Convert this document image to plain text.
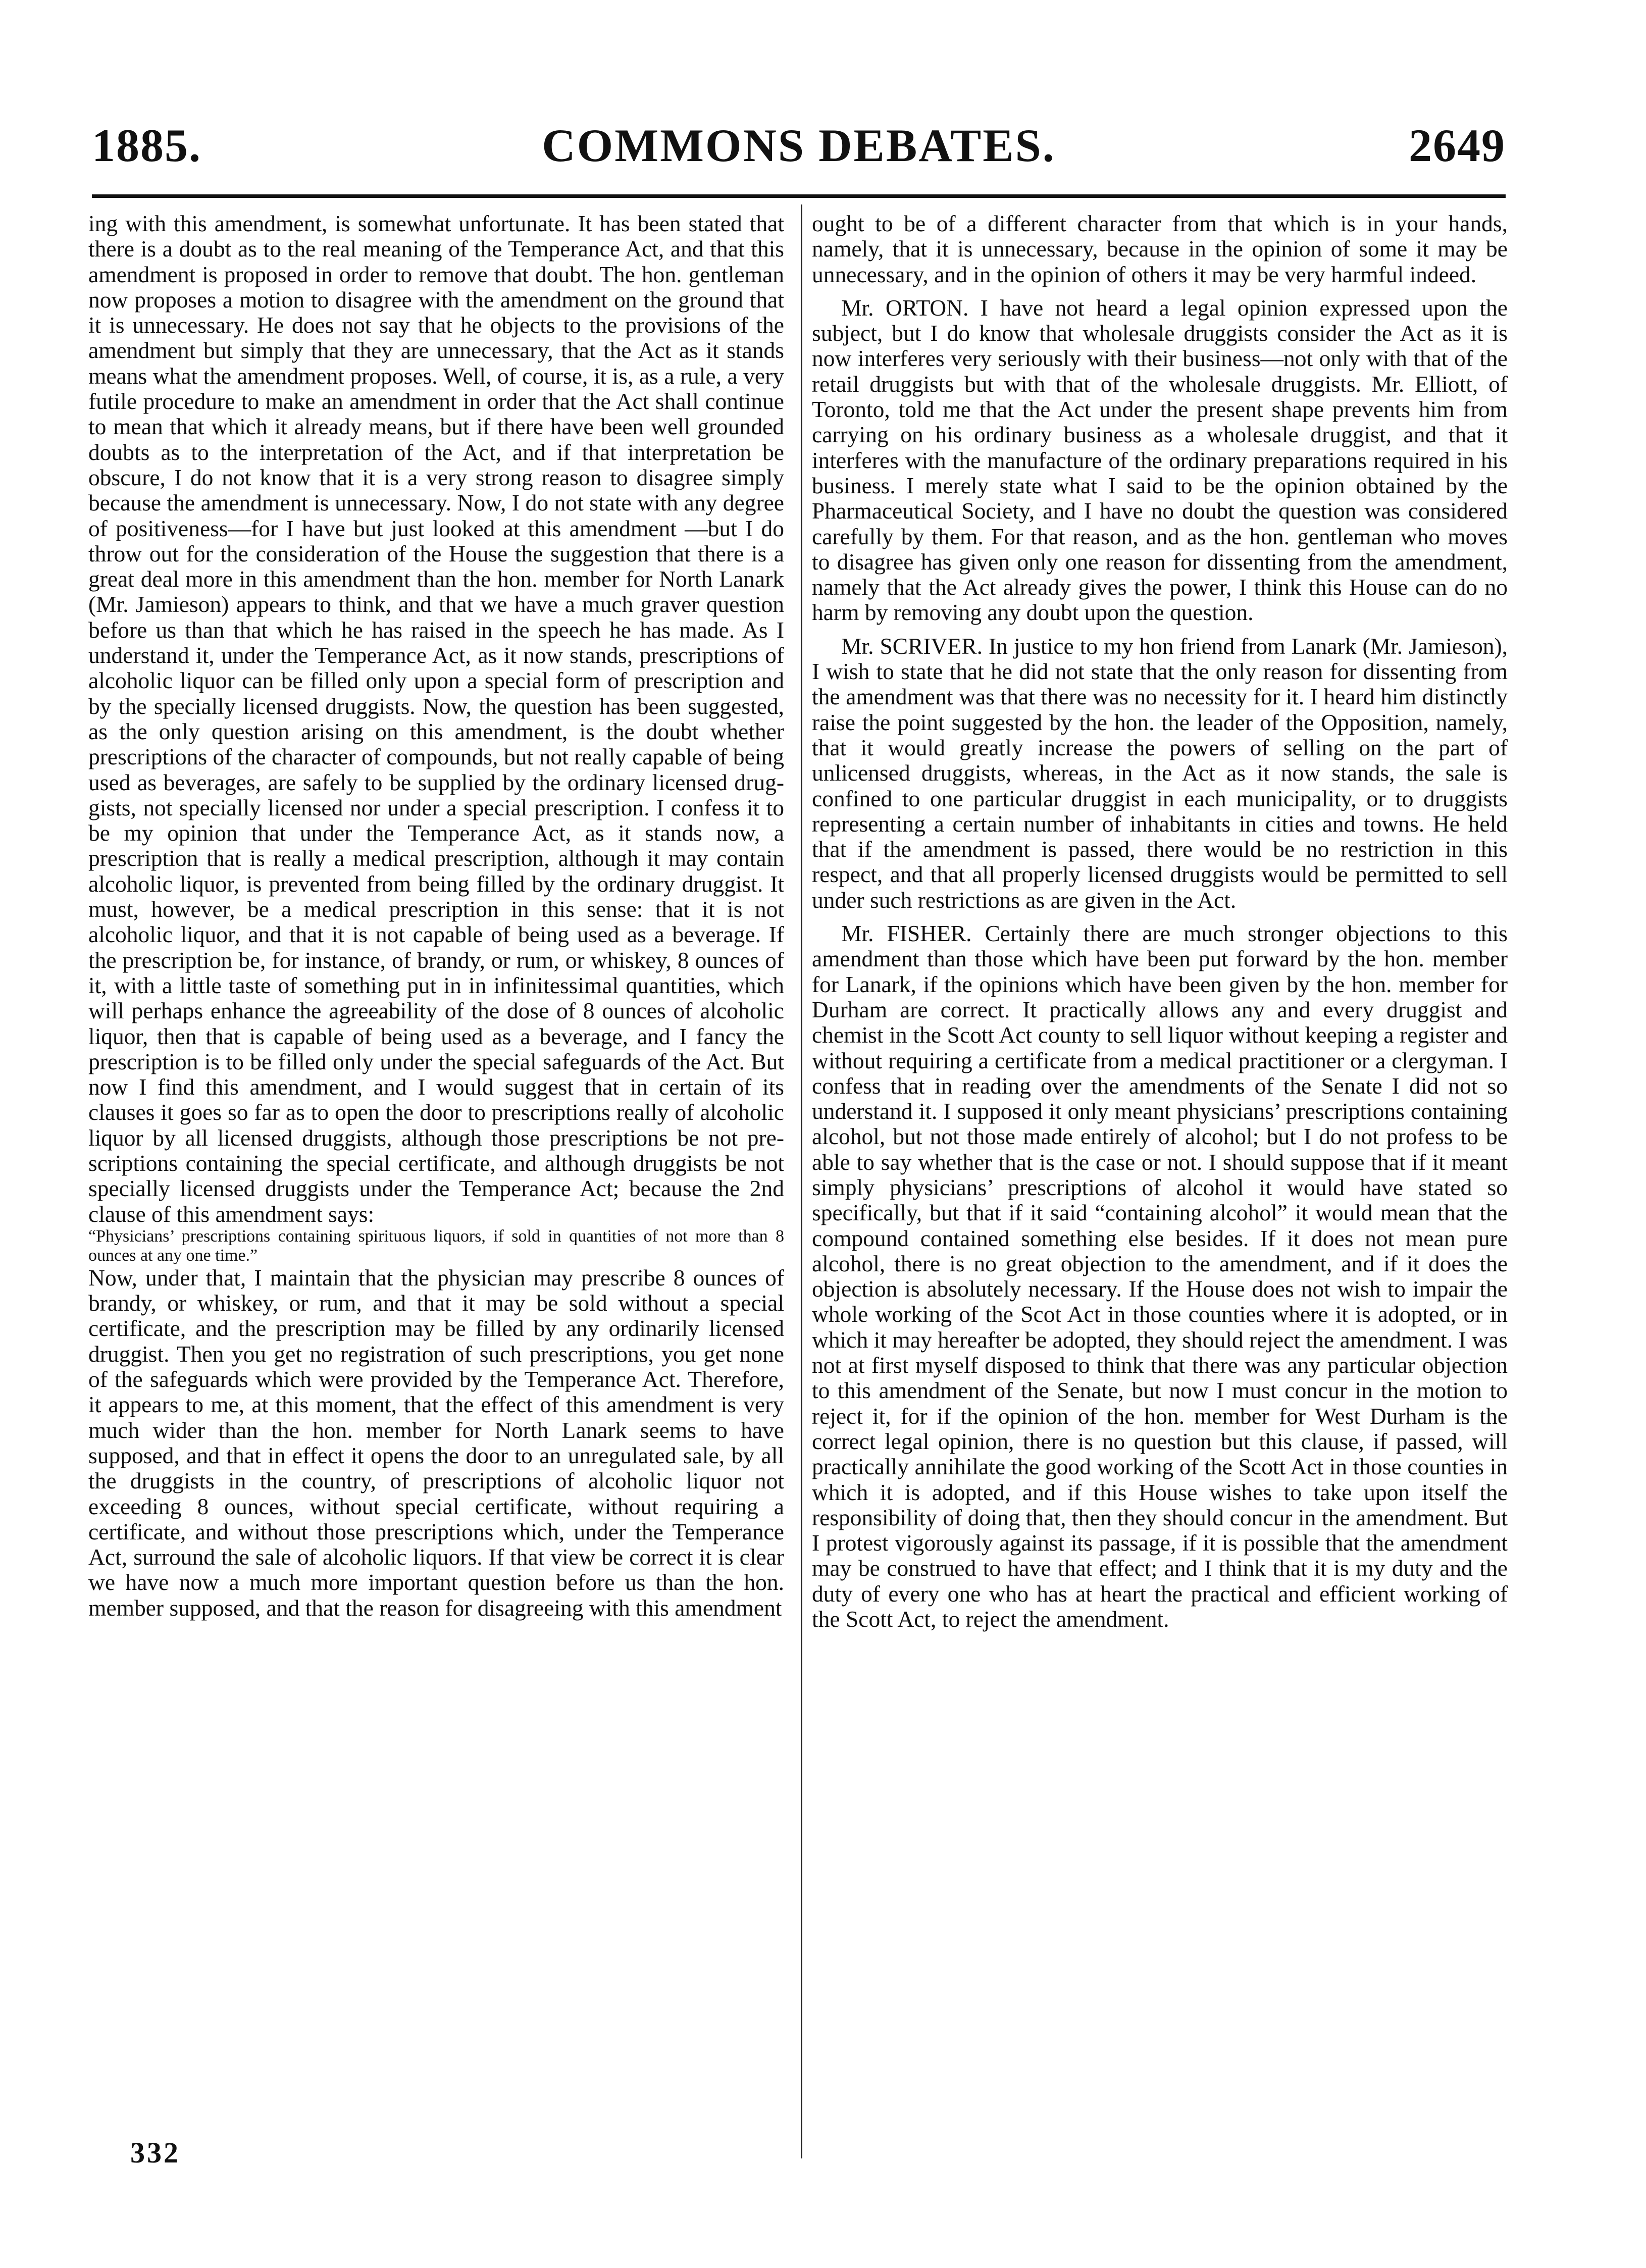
1885.	COMMONS DEBATES.	2649

ing with this amendment, is somewhat unfortunate. It has been stated that there is a doubt as to the real meaning of the Temperance Act, and that this amendment is proposed in order to remove that doubt. The hon. gentleman now proposes a motion to disagree with the amendment on the ground that it is unnecessary. He does not say that he objects to the provisions of the amendment but simply that they are unnecessary, that the Act as it stands means what the amendment proposes. Well, of course, it is, as a rule, a very futile procedure to make an amendment in order that the Act shall continue to mean that which it already means, but if there have been well grounded doubts as to the interpretation of the Act, and if that interpretation be obscure, I do not know that it is a very strong reason to disagree simply because the amendment is unnecessary. Now, I do not state with any degree of positiveness—for I have but just looked at this amendment —but I do throw out for the consideration of the House the suggestion that there is a great deal more in this amendment than the hon. member for North Lanark (Mr. Jamieson) appears to think, and that we have a much graver question before us than that which he has raised in the speech he has made. As I understand it, under the Temperance Act, as it now stands, prescriptions of alcoholic liquor can be filled only upon a special form of prescription and by the specially licensed druggists. Now, the question has been suggested, as the only question arising on this amendment, is the doubt whether prescriptions of the character of compounds, but not really capable of being used as beverages, are safely to be supplied by the ordinary licensed druggists, not specially licensed nor under a special prescription. I confess it to be my opinion that under the Temperance Act, as it stands now, a prescription that is really a medical prescription, although it may contain alcoholic liquor, is prevented from being filled by the ordinary druggist. It must, however, be a medical prescription in this sense: that it is not alcoholic liquor, and that it is not capable of being used as a beverage. If the prescription be, for instance, of brandy, or rum, or whiskey, 8 ounces of it, with a little taste of something put in in infinitessimal quantities, which will perhaps enhance the agreeability of the dose of 8 ounces of alcoholic liquor, then that is capable of being used as a beverage, and I fancy the prescription is to be filled only under the special safeguards of the Act. But now I find this amendment, and I would suggest that in certain of its clauses it goes so far as to open the door to prescriptions really of alcoholic liquor by all licensed druggists, although those prescriptions be not prescriptions containing the special certificate, and although druggists be not specially licensed druggists under the Temperance Act; because the 2nd clause of this amendment says:

“Physicians’ prescriptions containing spirituous liquors, if sold in quantities of not more than 8 ounces at any one time.”

Now, under that, I maintain that the physician may prescribe 8 ounces of brandy, or whiskey, or rum, and that it may be sold without a special certificate, and the prescription may be filled by any ordinarily licensed druggist. Then you get no registration of such prescriptions, you get none of the safeguards which were provided by the Temperance Act. Therefore, it appears to me, at this moment, that the effect of this amendment is very much wider than the hon. member for North Lanark seems to have supposed, and that in effect it opens the door to an unregulated sale, by all the druggists in the country, of prescriptions of alcoholic liquor not exceeding 8 ounces, without special certificate, without requiring a certificate, and without those prescriptions which, under the Temperance Act, surround the sale of alcoholic liquors. If that view be correct it is clear we have now a much more important question before us than the hon. member supposed, and that the reason for disagreeing with this amendment

ought to be of a different character from that which is in your hands, namely, that it is unnecessary, because in the opinion of some it may be unnecessary, and in the opinion of others it may be very harmful indeed.

Mr. ORTON. I have not heard a legal opinion expressed upon the subject, but I do know that wholesale druggists consider the Act as it is now interferes very seriously with their business—not only with that of the retail druggists but with that of the wholesale druggists. Mr. Elliott, of Toronto, told me that the Act under the present shape prevents him from carrying on his ordinary business as a wholesale druggist, and that it interferes with the manufacture of the ordinary preparations required in his business. I merely state what I said to be the opinion obtained by the Pharmaceutical Society, and I have no doubt the question was considered carefully by them. For that reason, and as the hon. gentleman who moves to disagree has given only one reason for dissenting from the amendment, namely that the Act already gives the power, I think this House can do no harm by removing any doubt upon the question.

Mr. SCRIVER. In justice to my hon friend from Lanark (Mr. Jamieson), I wish to state that he did not state that the only reason for dissenting from the amendment was that there was no necessity for it. I heard him distinctly raise the point suggested by the hon. the leader of the Opposition, namely, that it would greatly increase the powers of selling on the part of unlicensed druggists, whereas, in the Act as it now stands, the sale is confined to one particular druggist in each municipality, or to druggists representing a certain number of inhabitants in cities and towns. He held that if the amendment is passed, there would be no restriction in this respect, and that all properly licensed druggists would be permitted to sell under such restrictions as are given in the Act.

Mr. FISHER. Certainly there are much stronger objections to this amendment than those which have been put forward by the hon. member for Lanark, if the opinions which have been given by the hon. member for Durham are correct. It practically allows any and every druggist and chemist in the Scott Act county to sell liquor without keeping a register and without requiring a certificate from a medical practitioner or a clergyman. I confess that in reading over the amendments of the Senate I did not so understand it. I supposed it only meant physicians’ prescriptions containing alcohol, but not those made entirely of alcohol; but I do not profess to be able to say whether that is the case or not. I should suppose that if it meant simply physicians’ prescriptions of alcohol it would have stated so specifically, but that if it said “containing alcohol” it would mean that the compound contained something else besides. If it does not mean pure alcohol, there is no great objection to the amendment, and if it does the objection is absolutely necessary. If the House does not wish to impair the whole working of the Scot Act in those counties where it is adopted, or in which it may hereafter be adopted, they should reject the amendment. I was not at first myself disposed to think that there was any particular objection to this amendment of the Senate, but now I must concur in the motion to reject it, for if the opinion of the hon. member for West Durham is the correct legal opinion, there is no question but this clause, if passed, will practically annihilate the good working of the Scott Act in those counties in which it is adopted, and if this House wishes to take upon itself the responsibility of doing that, then they should concur in the amendment. But I protest vigorously against its passage, if it is possible that the amendment may be construed to have that effect; and I think that it is my duty and the duty of every one who has at heart the practical and efficient working of the Scott Act, to reject the amendment.

332
